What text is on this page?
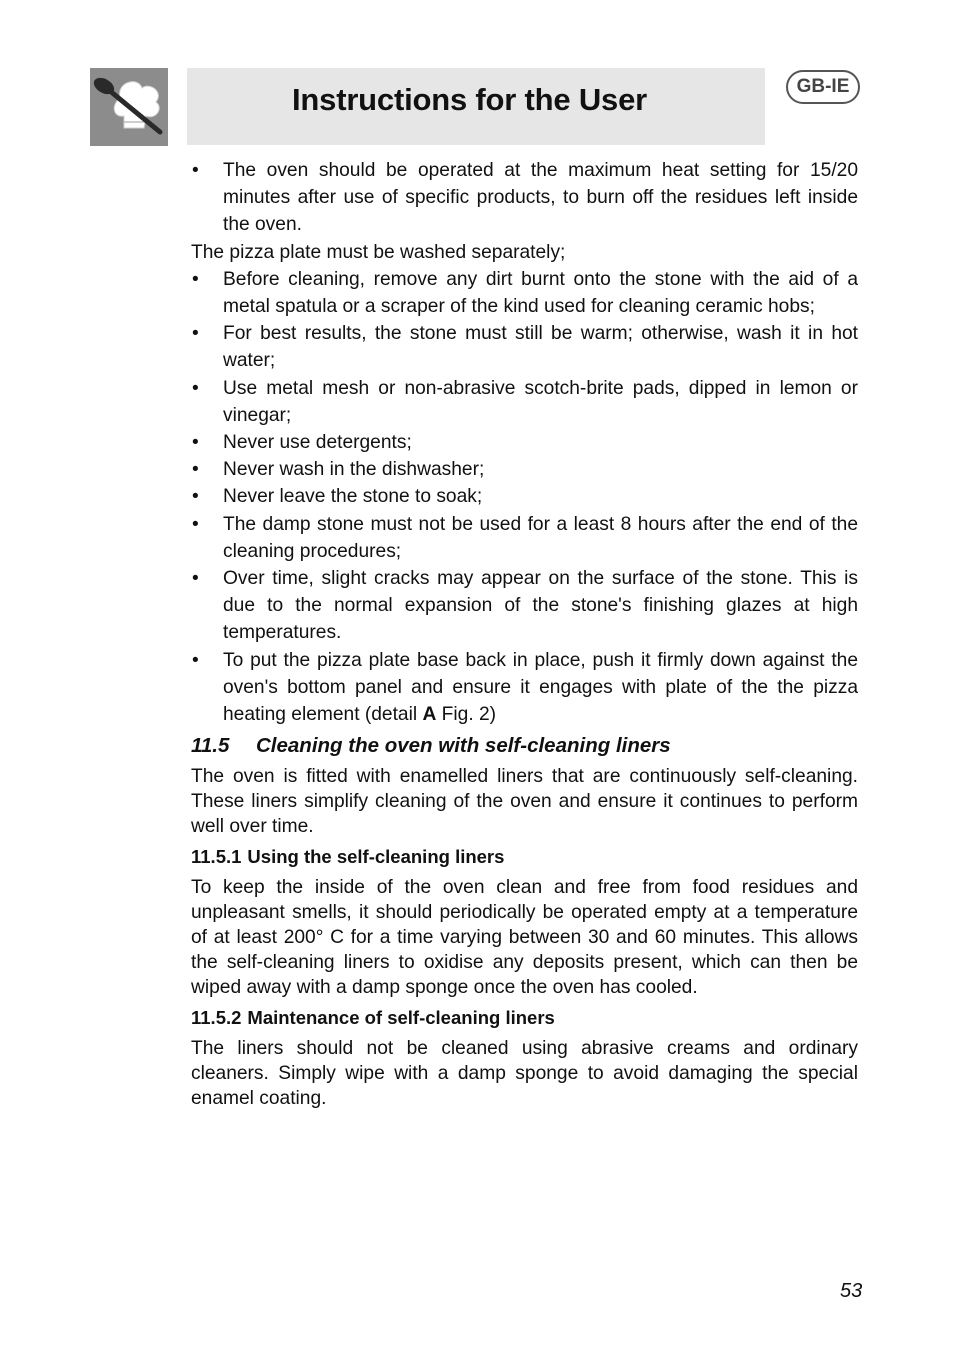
Instructions for the User	GB-IE
• The oven should be operated at the maximum heat setting for 15/20 minutes after use of specific products, to burn off the residues left inside the oven.

The pizza plate must be washed separately;

• Before cleaning, remove any dirt burnt onto the stone with the aid of a metal spatula or a scraper of the kind used for cleaning ceramic hobs;
• For best results, the stone must still be warm; otherwise, wash it in hot water;
• Use metal mesh or non-abrasive scotch-brite pads, dipped in lemon or vinegar;
• Never use detergents;
• Never wash in the dishwasher;
• Never leave the stone to soak;
• The damp stone must not be used for a least 8 hours after the end of the cleaning procedures;
• Over time, slight cracks may appear on the surface of the stone. This is due to the normal expansion of the stone's finishing glazes at high temperatures.
• To put the pizza plate base back in place, push it firmly down against the oven's bottom panel and ensure it engages with plate of the the pizza heating element (detail A Fig. 2)
11.5 Cleaning the oven with self-cleaning liners

The oven is fitted with enamelled liners that are continuously self-cleaning. These liners simplify cleaning of the oven and ensure it continues to perform well over time.

11.5.1 Using the self-cleaning liners

To keep the inside of the oven clean and free from food residues and unpleasant smells, it should periodically be operated empty at a temperature of at least 200° C for a time varying between 30 and 60 minutes. This allows the self-cleaning liners to oxidise any deposits present, which can then be wiped away with a damp sponge once the oven has cooled.

11.5.2 Maintenance of self-cleaning liners

The liners should not be cleaned using abrasive creams and ordinary cleaners. Simply wipe with a damp sponge to avoid damaging the special enamel coating.

53
